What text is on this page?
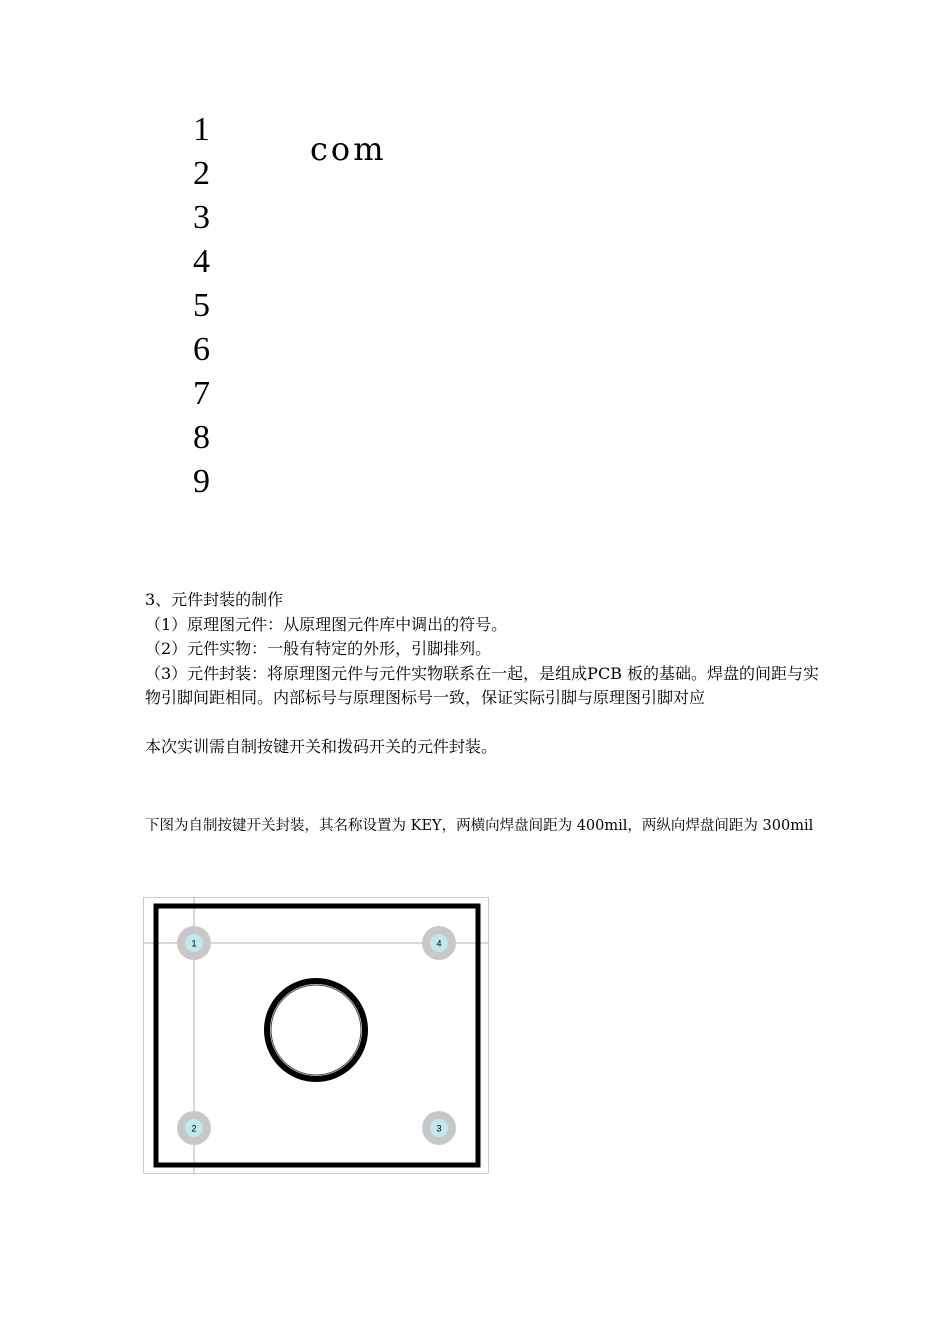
1
2
3
4
5
6
7
8
9
com

3、元件封装的制作

（1）原理图元件：从原理图元件库中调出的符号。

（2）元件实物：一般有特定的外形，引脚排列。

（3）元件封装：将原理图元件与元件实物联系在一起，是组成PCB 板的基础。焊盘的间距与实物引脚间距相同。内部标号与原理图标号一致，保证实际引脚与原理图引脚对应

本次实训需自制按键开关和拨码开关的元件封装。

下图为自制按键开关封装，其名称设置为 KEY，两横向焊盘间距为 400mil，两纵向焊盘间距为 300mil

1	4
2	3
